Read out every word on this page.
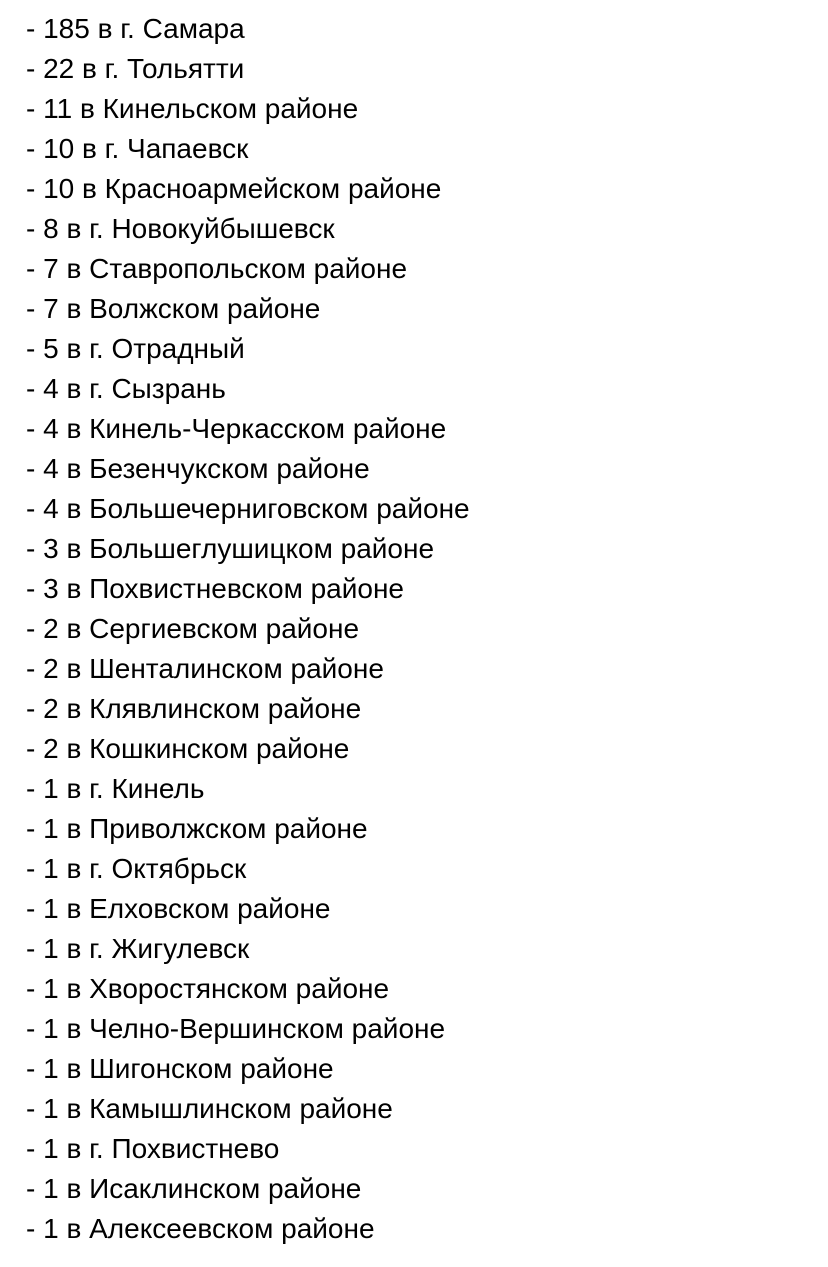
- 185 в г. Самара
- 22 в г. Тольятти
- 11 в Кинельском районе
- 10 в г. Чапаевск
- 10 в Красноармейском районе
- 8 в г. Новокуйбышевск
- 7 в Ставропольском районе
- 7 в Волжском районе
- 5 в г. Отрадный
- 4 в г. Сызрань
- 4 в Кинель-Черкасском районе
- 4 в Безенчукском районе
- 4 в Большечерниговском районе
- 3 в Большеглушицком районе
- 3 в Похвистневском районе
- 2 в Сергиевском районе
- 2 в Шенталинском районе
- 2 в Клявлинском районе
- 2 в Кошкинском районе
- 1 в г. Кинель
- 1 в Приволжском районе
- 1 в г. Октябрьск
- 1 в Елховском районе
- 1 в г. Жигулевск
- 1 в Хворостянском районе
- 1 в Челно-Вершинском районе
- 1 в Шигонском районе
- 1 в Камышлинском районе
- 1 в г. Похвистнево
- 1 в Исаклинском районе
- 1 в Алексеевском районе
